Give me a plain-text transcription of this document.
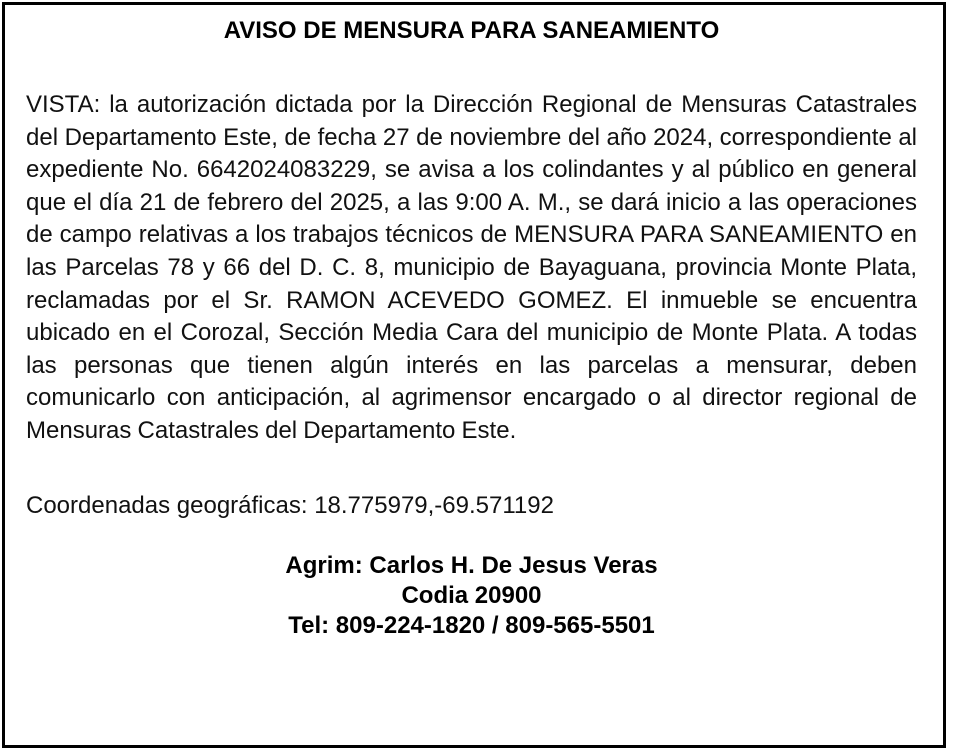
AVISO DE MENSURA PARA SANEAMIENTO

VISTA: la autorización dictada por la Dirección Regional de Mensuras Catastrales del Departamento Este, de fecha 27 de noviembre del año 2024, correspondiente al expediente No. 6642024083229, se avisa a los colindantes y al público en general que el día 21 de febrero del 2025, a las 9:00 A. M., se dará inicio a las operaciones de campo relativas a los trabajos técnicos de MENSURA PARA SANEAMIENTO en las Parcelas 78 y 66 del D. C. 8, municipio de Bayaguana, provincia Monte Plata, reclamadas por el Sr. RAMON ACEVEDO GOMEZ. El inmueble se encuentra ubicado en el Corozal, Sección Media Cara del municipio de Monte Plata. A todas las personas que tienen algún interés en las parcelas a mensurar, deben comunicarlo con anticipación, al agrimensor encargado o al director regional de Mensuras Catastrales del Departamento Este.

Coordenadas geográficas: 18.775979,-69.571192

Agrim: Carlos H. De Jesus Veras
Codia 20900
Tel: 809-224-1820 / 809-565-5501
